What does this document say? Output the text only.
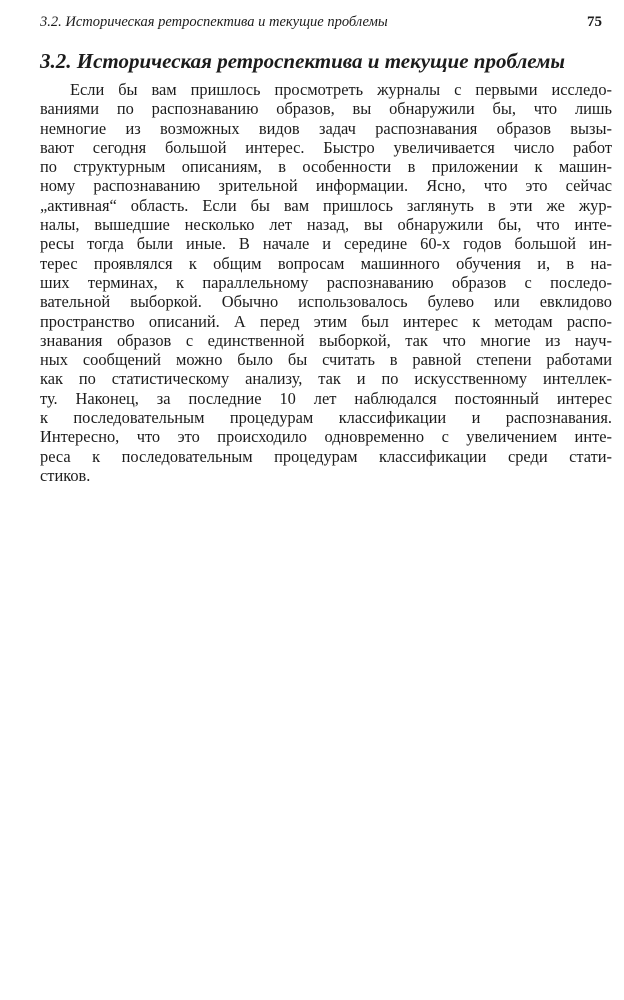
3.2. Историческая ретроспектива и текущие проблемы	75
3.2. Историческая ретроспектива и текущие проблемы
Если бы вам пришлось просмотреть журналы с первыми исследо-
ваниями по распознаванию образов, вы обнаружили бы, что лишь
немногие из возможных видов задач распознавания образов вызы-
вают сегодня большой интерес. Быстро увеличивается число работ
по структурным описаниям, в особенности в приложении к машин-
ному распознаванию зрительной информации. Ясно, что это сейчас
„активная“ область. Если бы вам пришлось заглянуть в эти же жур-
налы, вышедшие несколько лет назад, вы обнаружили бы, что инте-
ресы тогда были иные. В начале и середине 60-х годов большой ин-
терес проявлялся к общим вопросам машинного обучения и, в на-
ших терминах, к параллельному распознаванию образов с последо-
вательной выборкой. Обычно использовалось булево или евклидово
пространство описаний. А перед этим был интерес к методам распо-
знавания образов с единственной выборкой, так что многие из науч-
ных сообщений можно было бы считать в равной степени работами
как по статистическому анализу, так и по искусственному интеллек-
ту. Наконец, за последние 10 лет наблюдался постоянный интерес
к последовательным процедурам классификации и распознавания.
Интересно, что это происходило одновременно с увеличением инте-
реса к последовательным процедурам классификации среди стати-
стиков.
